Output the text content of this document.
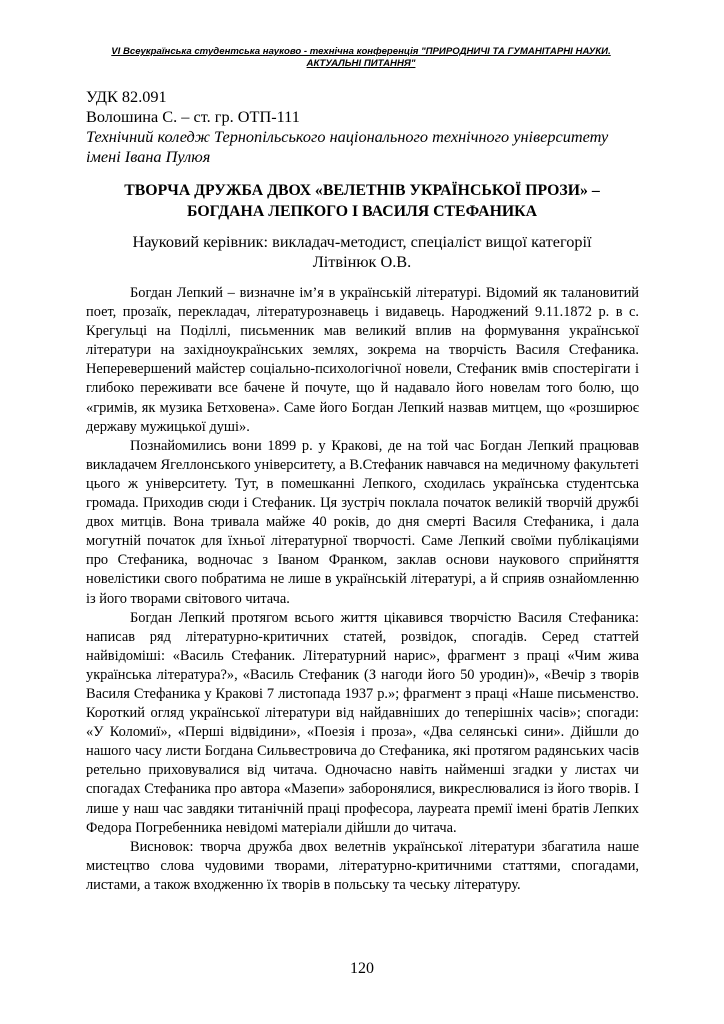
VI Всеукраїнська студентська науково - технічна конференція "ПРИРОДНИЧІ ТА ГУМАНІТАРНІ НАУКИ.
АКТУАЛЬНІ ПИТАННЯ"
УДК 82.091
Волошина С. – ст. гр. ОТП-111
Технічний коледж Тернопільського національного технічного університету
імені Івана Пулюя
ТВОРЧА ДРУЖБА ДВОХ «ВЕЛЕТНІВ УКРАЇНСЬКОЇ ПРОЗИ» –
БОГДАНА ЛЕПКОГО І ВАСИЛЯ СТЕФАНИКА
Науковий керівник: викладач-методист, спеціаліст вищої категорії
Літвінюк О.В.

Богдан Лепкий – визначне ім’я в українській літературі. Відомий як талановитий поет, прозаїк, перекладач, літературознавець і видавець. Народжений 9.11.1872 р. в с. Крегульці на Поділлі, письменник мав великий вплив на формування української літератури на західноукраїнських землях, зокрема на творчість Василя Стефаника. Неперевершений майстер соціально-психологічної новели, Стефаник вмів спостерігати і глибоко переживати все бачене й почуте, що й надавало його новелам того болю, що «гримів, як музика Бетховена». Саме його Богдан Лепкий назвав митцем, що «розширює державу мужицької душі».

Познайомились вони 1899 р. у Кракові, де на той час Богдан Лепкий працював викладачем Ягеллонського університету, а В.Стефаник навчався на медичному факультеті цього ж університету. Тут, в помешканні Лепкого, сходилась українська студентська громада. Приходив сюди і Стефаник. Ця зустріч поклала початок великій творчій дружбі двох митців. Вона тривала майже 40 років, до дня смерті Василя Стефаника, і дала могутній початок для їхньої літературної творчості. Саме Лепкий своїми публікаціями про Стефаника, водночас з Іваном Франком, заклав основи наукового сприйняття новелістики свого побратима не лише в українській літературі, а й сприяв ознайомленню із його творами світового читача.

Богдан Лепкий протягом всього життя цікавився творчістю Василя Стефаника: написав ряд літературно-критичних статей, розвідок, спогадів. Серед статтей найвідоміші: «Василь Стефаник. Літературний нарис», фрагмент з праці «Чим жива українська література?», «Василь Стефаник (З нагоди його 50 уродин)», «Вечір з творів Василя Стефаника у Кракові 7 листопада 1937 р.»; фрагмент з праці «Наше письменство. Короткий огляд української літератури від найдавніших до теперішніх часів»; спогади: «У Коломиї», «Перші відвідини», «Поезія і проза», «Два селянські сини». Дійшли до нашого часу листи Богдана Сильвестровича до Стефаника, які протягом радянських часів ретельно приховувалися від читача. Одночасно навіть найменші згадки у листах чи спогадах Стефаника про автора «Мазепи» заборонялися, викреслювалися із його творів. І лише у наш час завдяки титанічній праці професора, лауреата премії імені братів Лепких Федора Погребенника невідомі матеріали дійшли до читача.

Висновок: творча дружба двох велетнів української літератури збагатила наше мистецтво слова чудовими творами, літературно-критичними статтями, спогадами, листами, а також входженню їх творів в польську та чеську літературу.

120
